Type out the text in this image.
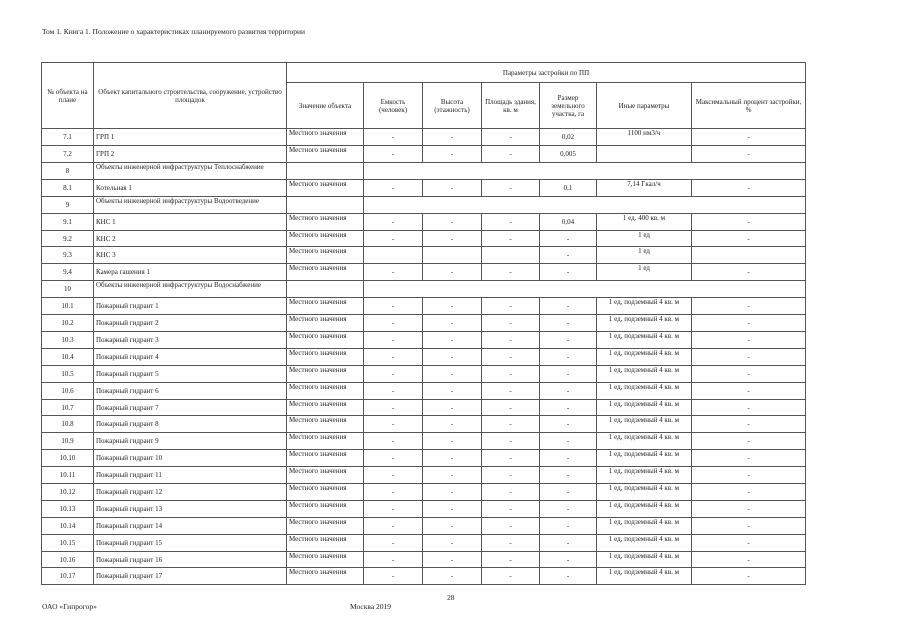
Том 1. Книга 1. Положение о характеристиках планируемого развития территории
№ объекта на плане	Объект капитального строительства, сооружение, устройство площадок	Параметры застройки по ПП						
		Значение объекта	Емкость (человек)	Высота (этажность)	Площадь здания, кв. м	Размер земельного участка, га	Иные параметры	Максимальный процент застройки, %
7.1	ГРП 1	Местного значения	-	-	-	0,02	1100 нм3/ч	-
7.2	ГРП 2	Местного значения	-	-	-	0,005		-
8	Объекты инженерной инфраструктуры Теплоснабжение							
8.1	Котельная 1	Местного значения	-	-	-	0,1	7,14 Гкал/ч	-
9	Объекты инженерной инфраструктуры Водоотведение							
9.1	КНС 1	Местного значения	-	-	-	0,04	1 ед. 400 кв. м	-
9.2	КНС 2	Местного значения	-	-	-	-	1 ед	-
9.3	КНС 3	Местного значения				-	1 ед	
9.4	Камера гашения 1	Местного значения	-	-	-	-	1 ед	-
10	Объекты инженерной инфраструктуры Водоснабжение							
10.1	Пожарный гидрант 1	Местного значения	-	-	-	-	1 ед, подземный 4 кв. м	-
10.2	Пожарный гидрант 2	Местного значения	-	-	-	-	1 ед, подземный 4 кв. м	-
10.3	Пожарный гидрант 3	Местного значения	-	-	-	-	1 ед, подземный 4 кв. м	-
10.4	Пожарный гидрант 4	Местного значения	-	-	-	-	1 ед, подземный 4 кв. м	-
10.5	Пожарный гидрант 5	Местного значения	-	-	-	-	1 ед, подземный 4 кв. м	-
10.6	Пожарный гидрант 6	Местного значения	-	-	-	-	1 ед, подземный 4 кв. м	-
10.7	Пожарный гидрант 7	Местного значения	-	-	-	-	1 ед, подземный 4 кв. м	-
10.8	Пожарный гидрант 8	Местного значения	-	-	-	-	1 ед, подземный 4 кв. м	-
10.9	Пожарный гидрант 9	Местного значения	-	-	-	-	1 ед, подземный 4 кв. м	-
10.10	Пожарный гидрант 10	Местного значения	-	-	-	-	1 ед, подземный 4 кв. м	-
10.11	Пожарный гидрант 11	Местного значения	-	-	-	-	1 ед, подземный 4 кв. м	-
10.12	Пожарный гидрант 12	Местного значения	-	-	-	-	1 ед, подземный 4 кв. м	-
10.13	Пожарный гидрант 13	Местного значения	-	-	-	-	1 ед, подземный 4 кв. м	-
10.14	Пожарный гидрант 14	Местного значения	-	-	-	-	1 ед, подземный 4 кв. м	-
10.15	Пожарный гидрант 15	Местного значения	-	-	-	-	1 ед, подземный 4 кв. м	-
10.16	Пожарный гидрант 16	Местного значения	-	-	-	-	1 ед, подземный 4 кв. м	-
10.17	Пожарный гидрант 17	Местного значения	-	-	-	-	1 ед, подземный 4 кв. м	-
28
ОАО «Гипрогор»	Москва 2019
